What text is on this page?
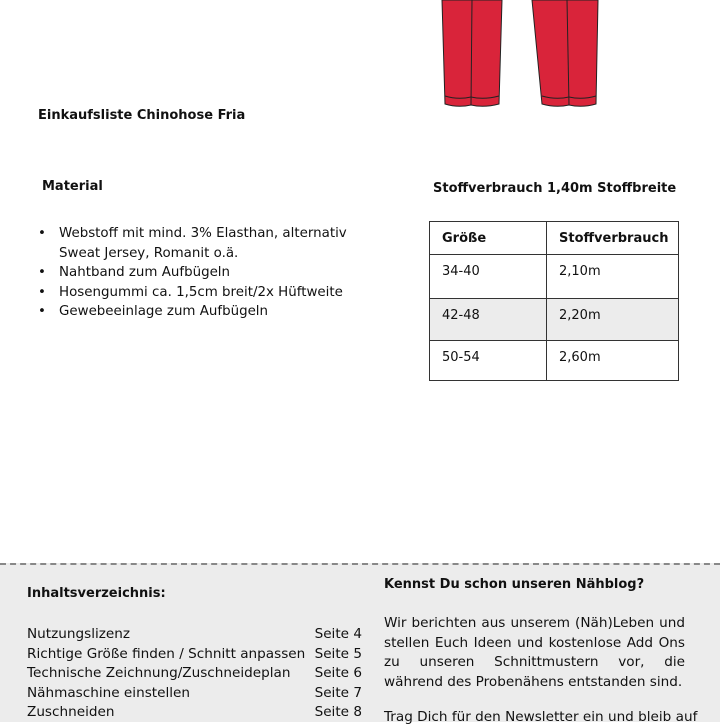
Einkaufsliste Chinohose Fria
Material
• Webstoff mit mind. 3% Elasthan, alternativ Sweat Jersey, Romanit o.ä.
• Nahtband zum Aufbügeln
• Hosengummi ca. 1,5cm breit/2x Hüftweite
• Gewebeeinlage zum Aufbügeln
Stoffverbrauch 1,40m Stoffbreite
Größe	Stoffverbrauch
34-40	2,10m
42-48	2,20m
50-54	2,60m
Inhaltsverzeichnis:
Nutzungslizenz	Seite 4
Richtige Größe finden / Schnitt anpassen Seite 5
Technische Zeichnung/Zuschneideplan Seite 6
Nähmaschine einstellen	Seite 7
Zuschneiden	Seite 8
Kennst Du schon unseren Nähblog?
Wir berichten aus unserem (Näh)Leben und stellen Euch Ideen und kostenlose Add Ons zu unseren Schnittmustern vor, die während des Probenähens entstanden sind.
Trag Dich für den Newsletter ein und bleib auf
